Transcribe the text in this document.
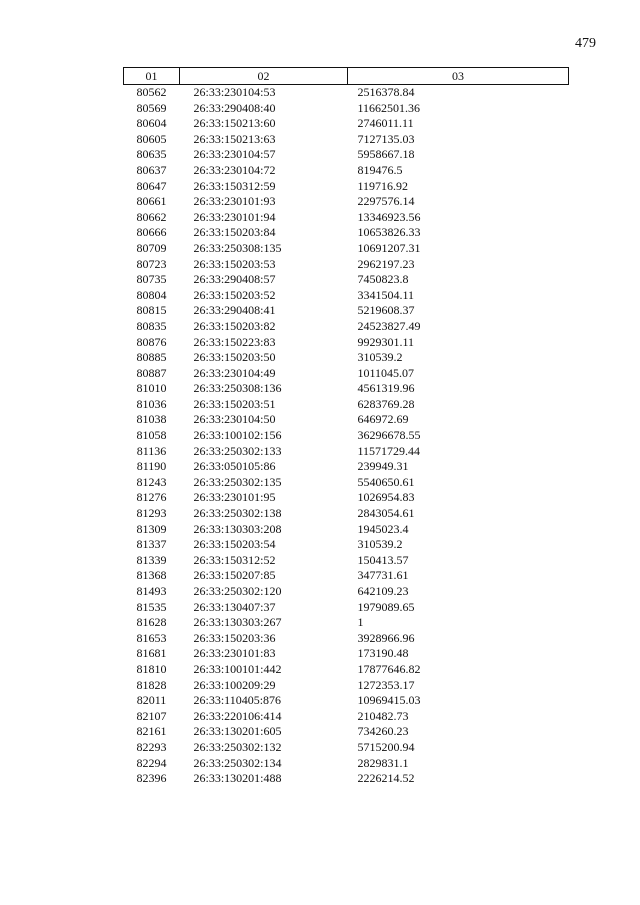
479
01	02	03
80562	26:33:230104:53	2516378.84
80569	26:33:290408:40	11662501.36
80604	26:33:150213:60	2746011.11
80605	26:33:150213:63	7127135.03
80635	26:33:230104:57	5958667.18
80637	26:33:230104:72	819476.5
80647	26:33:150312:59	119716.92
80661	26:33:230101:93	2297576.14
80662	26:33:230101:94	13346923.56
80666	26:33:150203:84	10653826.33
80709	26:33:250308:135	10691207.31
80723	26:33:150203:53	2962197.23
80735	26:33:290408:57	7450823.8
80804	26:33:150203:52	3341504.11
80815	26:33:290408:41	5219608.37
80835	26:33:150203:82	24523827.49
80876	26:33:150223:83	9929301.11
80885	26:33:150203:50	310539.2
80887	26:33:230104:49	1011045.07
81010	26:33:250308:136	4561319.96
81036	26:33:150203:51	6283769.28
81038	26:33:230104:50	646972.69
81058	26:33:100102:156	36296678.55
81136	26:33:250302:133	11571729.44
81190	26:33:050105:86	239949.31
81243	26:33:250302:135	5540650.61
81276	26:33:230101:95	1026954.83
81293	26:33:250302:138	2843054.61
81309	26:33:130303:208	1945023.4
81337	26:33:150203:54	310539.2
81339	26:33:150312:52	150413.57
81368	26:33:150207:85	347731.61
81493	26:33:250302:120	642109.23
81535	26:33:130407:37	1979089.65
81628	26:33:130303:267	1
81653	26:33:150203:36	3928966.96
81681	26:33:230101:83	173190.48
81810	26:33:100101:442	17877646.82
81828	26:33:100209:29	1272353.17
82011	26:33:110405:876	10969415.03
82107	26:33:220106:414	210482.73
82161	26:33:130201:605	734260.23
82293	26:33:250302:132	5715200.94
82294	26:33:250302:134	2829831.1
82396	26:33:130201:488	2226214.52
